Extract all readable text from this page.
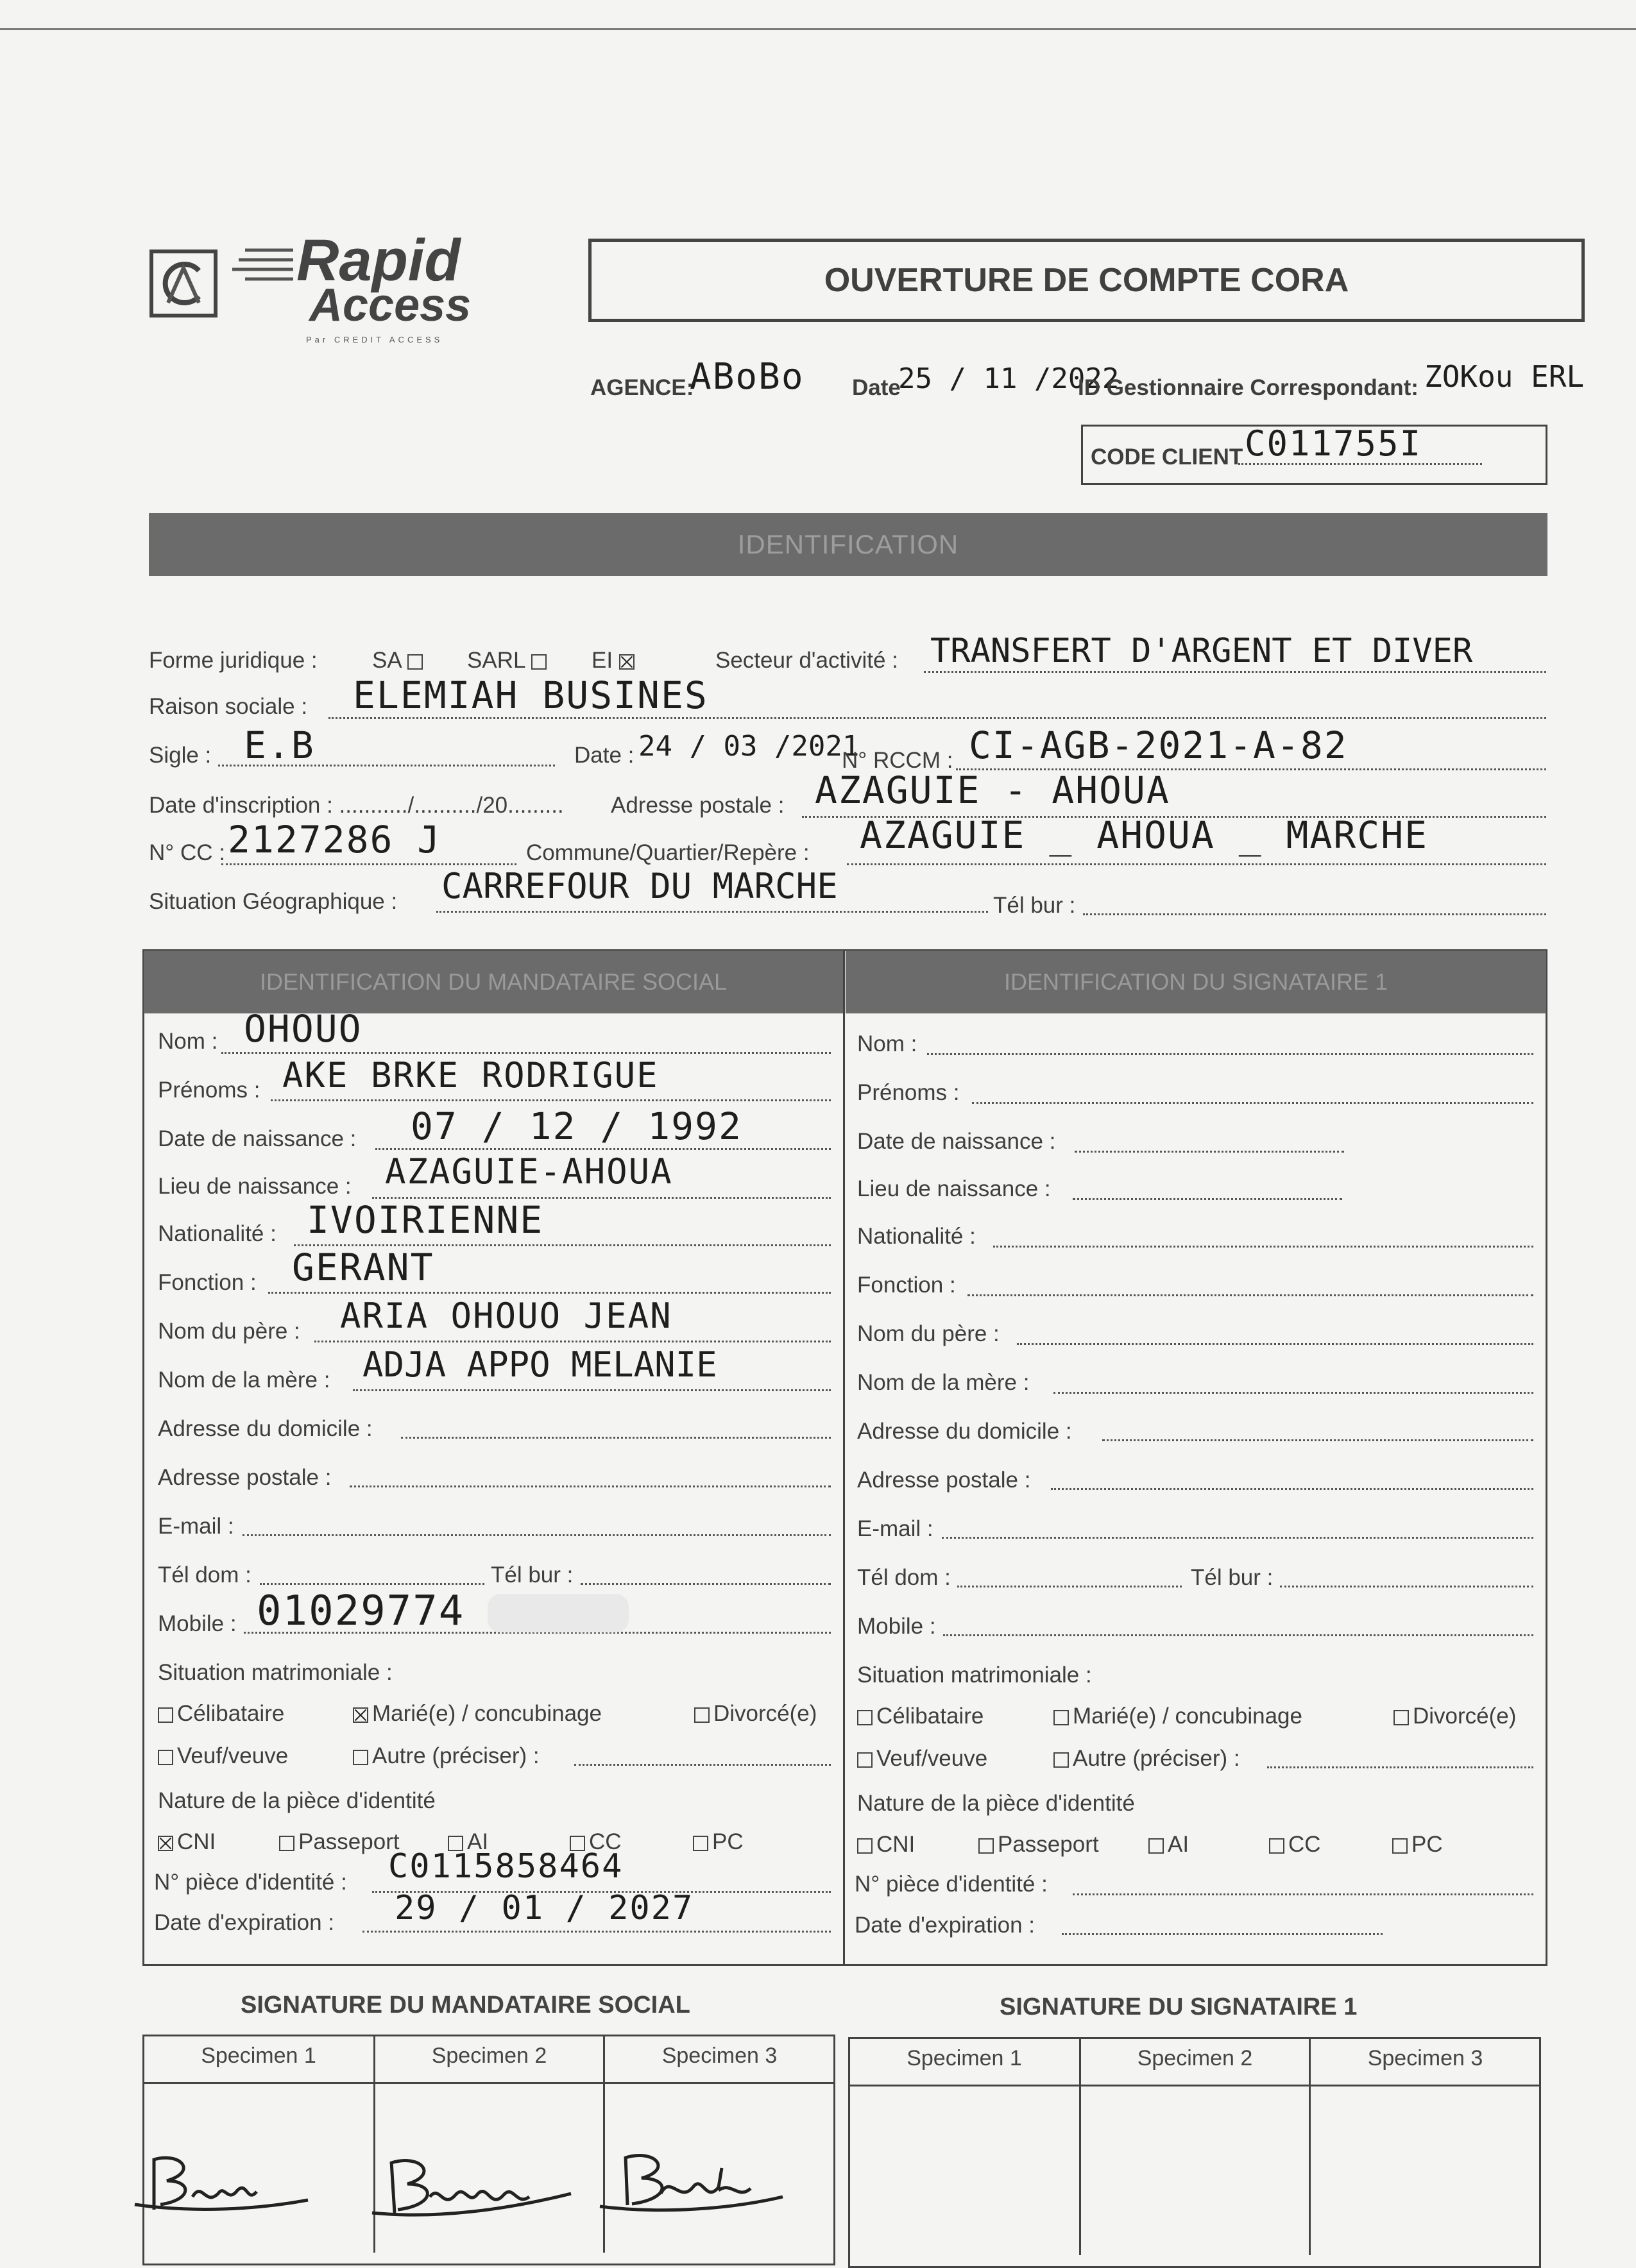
Rapid
Access
Par CREDIT ACCESS
OUVERTURE DE COMPTE CORA
AGENCE:
ABoBo Date
25 / 11 /2022
ID Gestionnaire Correspondant: ZOKou ERL
CODE CLIENT C011755I
IDENTIFICATION
Forme juridique : SA	SARL	EI	Secteur d'activité : TRANSFERT D'ARGENT ET DIVER
Raison sociale : ELEMIAH BUSINES
Sigle : E.B	Date : 24 / 03 /2021
N° RCCM : CI-AGB-2021-A-82
Date d'inscription : .........../........../20......... Adresse postale : AZAGUIE - AHOUA
N° CC : 2127286 J	Commune/Quartier/Repère : AZAGUIE _ AHOUA _ MARCHE
Situation Géographique : CARREFOUR DU MARCHE	Tél bur :
IDENTIFICATION DU MANDATAIRE SOCIAL	IDENTIFICATION DU SIGNATAIRE 1
Nom : OHOUO
Prénoms : AKE BRKE RODRIGUE
Date de naissance : 07 / 12 / 1992
Lieu de naissance : AZAGUIE-AHOUA
Nationalité : IVOIRIENNE
Fonction : GERANT
Nom du père : ARIA OHOUO JEAN
Nom de la mère : ADJA APPO MELANIE
Adresse du domicile :
Adresse postale :
E-mail :
Tél dom :	Tél bur :
Mobile : 01029774
Situation matrimoniale :
Célibataire	Marié(e) / concubinage	Divorcé(e)
Veuf/veuve	Autre (préciser) :
Nature de la pièce d'identité
CNI	Passeport	AI	CC	PC
N° pièce d'identité : C0115858464
Date d'expiration : 29 / 01 / 2027
Nom :
Prénoms :
Date de naissance :
Lieu de naissance :
Nationalité :
Fonction :
Nom du père :
Nom de la mère :
Adresse du domicile :
Adresse postale :
E-mail :
Tél dom :	Tél bur :
Mobile :
Situation matrimoniale :
Célibataire	Marié(e) / concubinage	Divorcé(e)
Veuf/veuve	Autre (préciser) :
Nature de la pièce d'identité
CNI	Passeport	AI	CC	PC
N° pièce d'identité :
Date d'expiration :
SIGNATURE DU MANDATAIRE SOCIAL	SIGNATURE DU SIGNATAIRE 1
Specimen 1	Specimen 2	Specimen 3	Specimen 1	Specimen 2	Specimen 3
